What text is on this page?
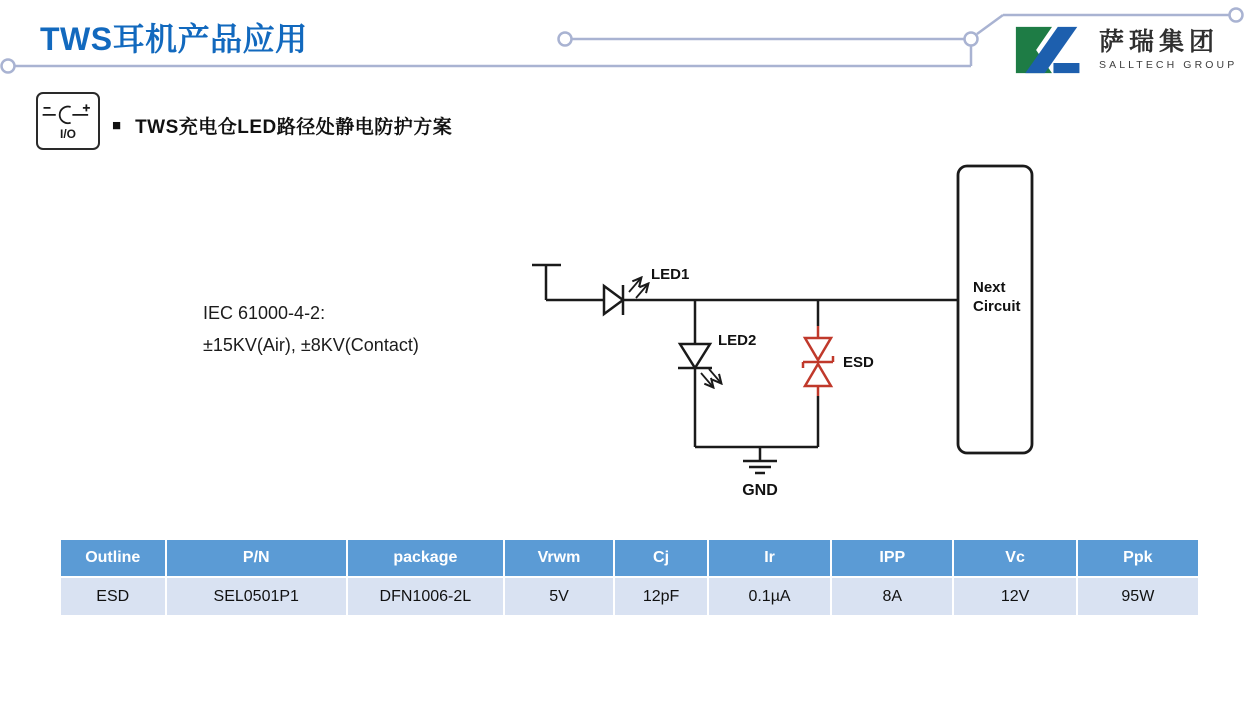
TWS耳机产品应用	萨瑞集团
SALLTECH GROUP
I/O ■ TWS充电仓LED路径处静电防护方案
IEC 61000-4-2:
±15KV(Air), ±8KV(Contact)
LED1
LED2
ESD
GND
Next
Circuit
Outline	P/N	package	Vrwm	Cj	Ir	IPP	Vc	Ppk
ESD	SEL0501P1	DFN1006-2L	5V	12pF	0.1µA	8A	12V	95W
